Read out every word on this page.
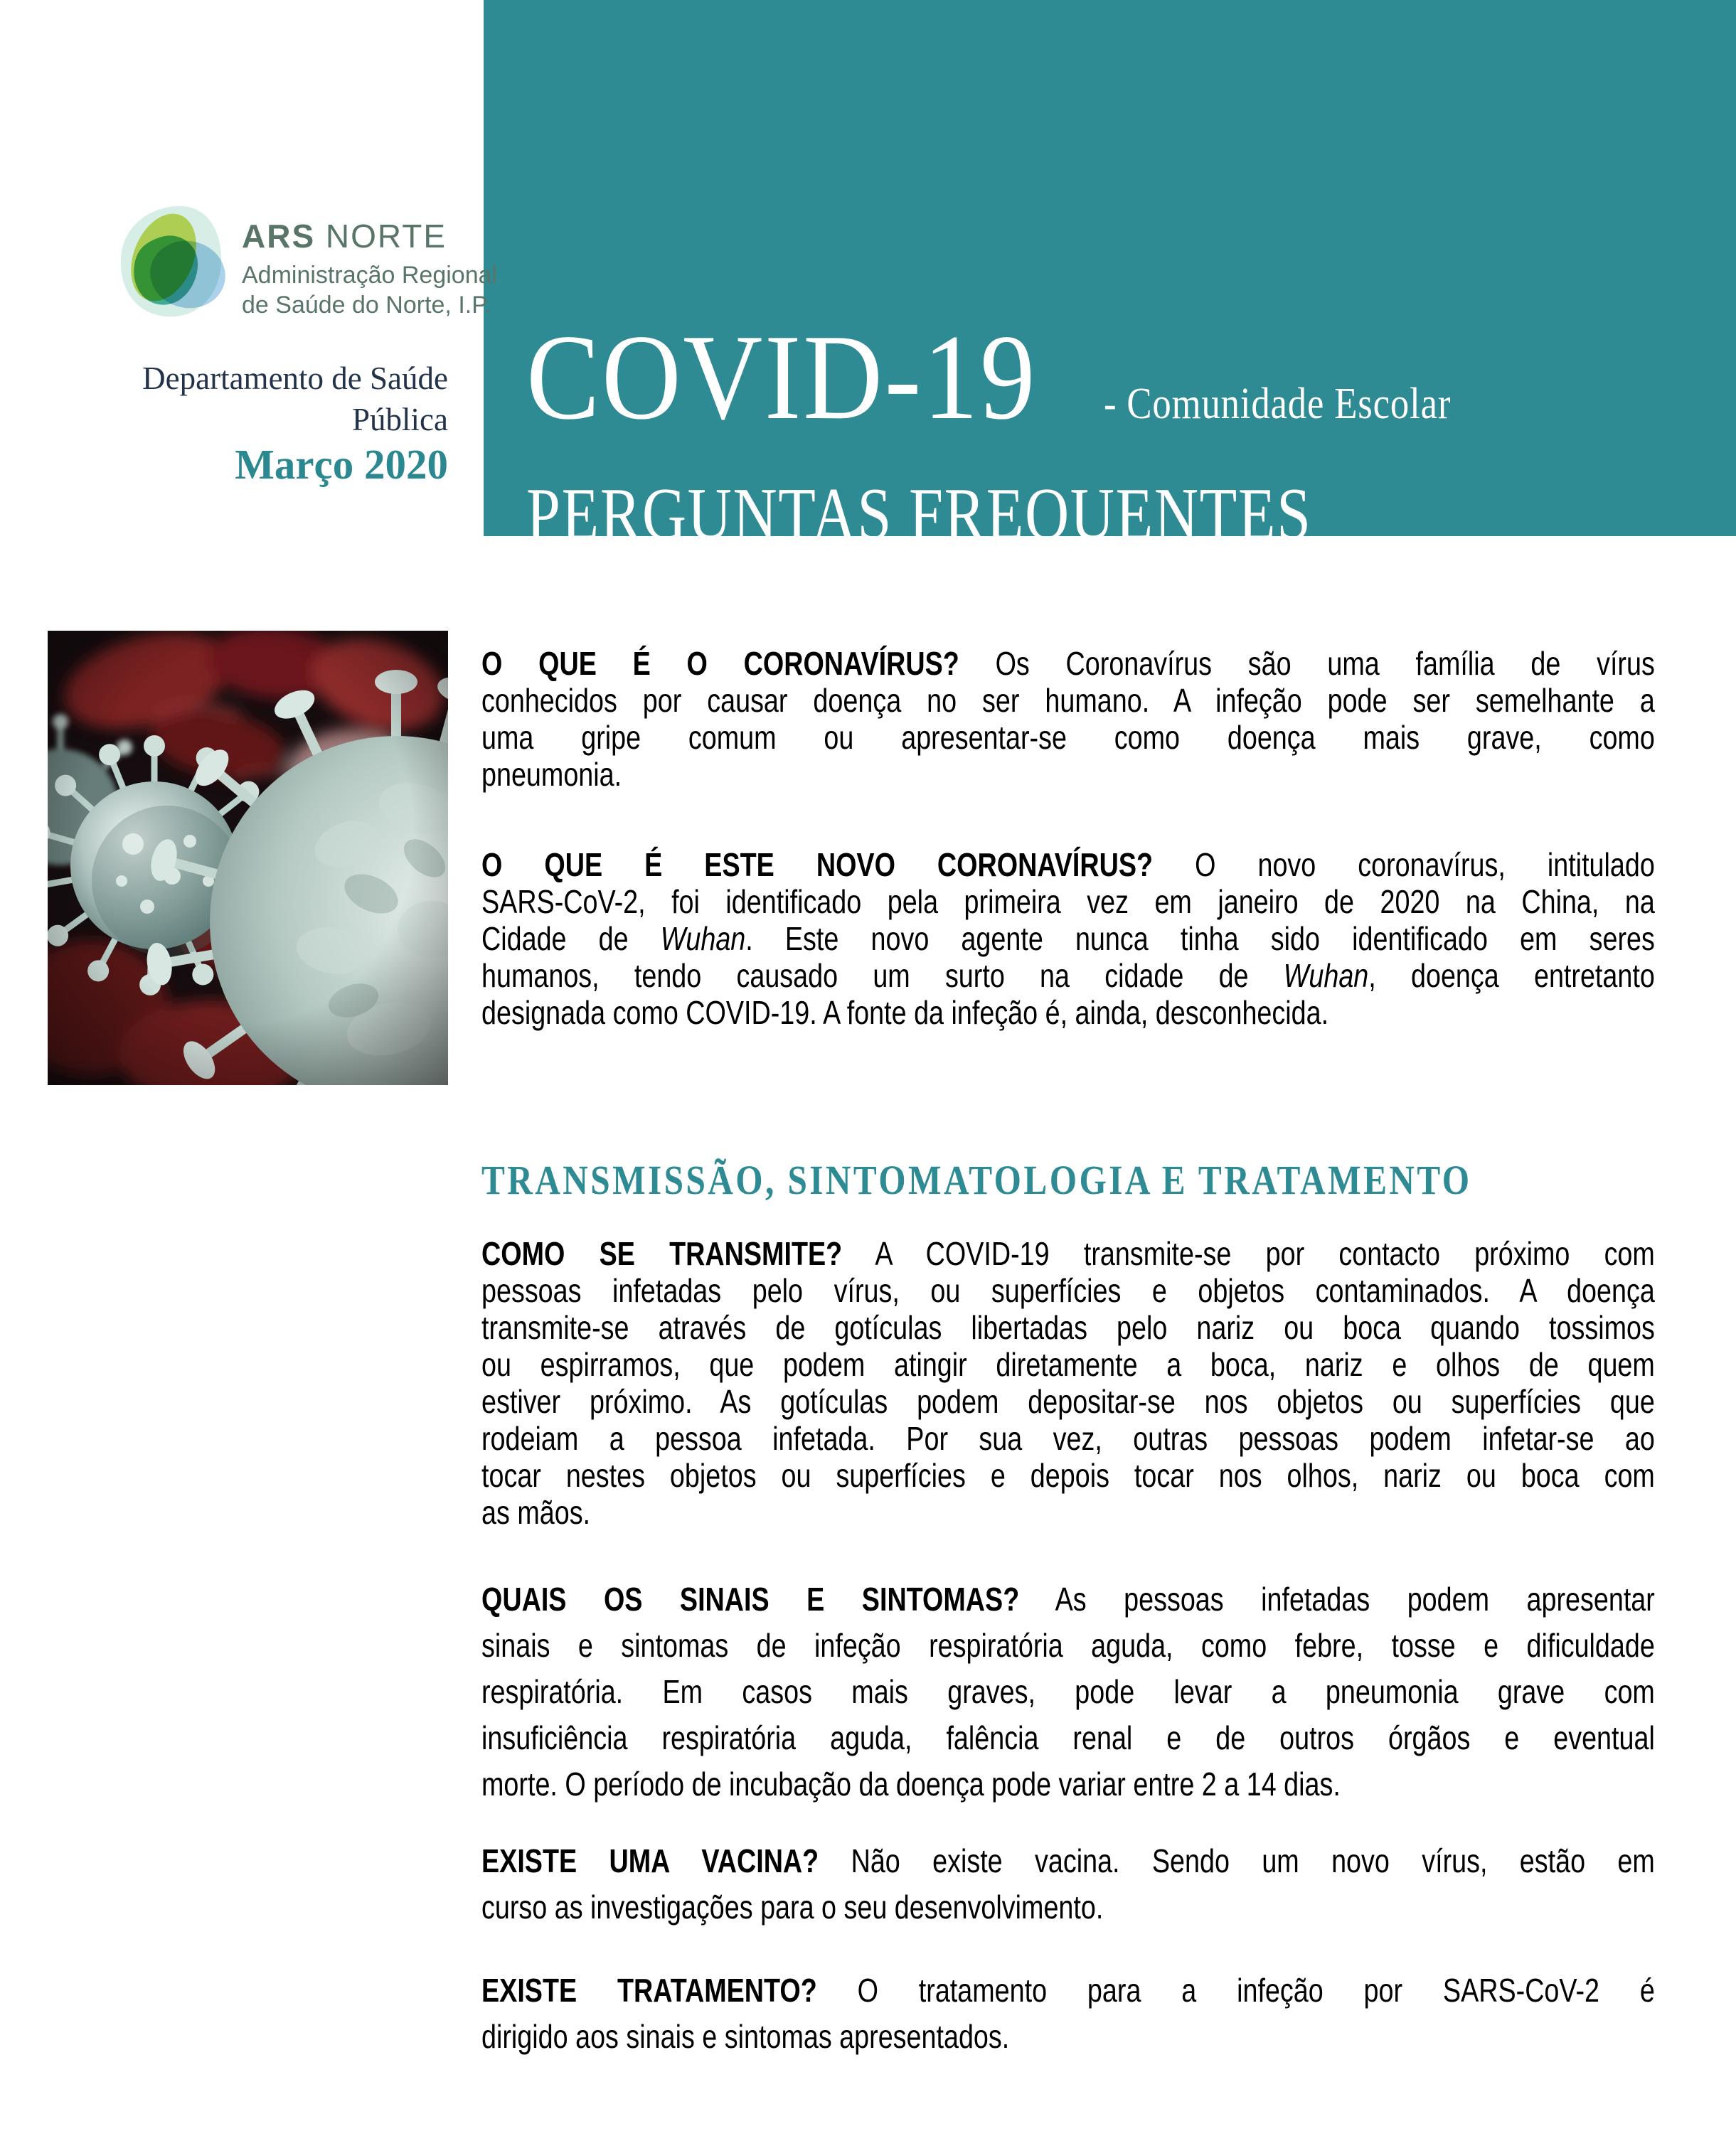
COVID-19 - Comunidade Escolar
PERGUNTAS FREQUENTES
ARS NORTE
Administração Regional
de Saúde do Norte, I.P.
Departamento de Saúde
Pública
Março 2020
TRANSMISSÃO, SINTOMATOLOGIA E TRATAMENTO
O QUE É O CORONAVÍRUS? Os Coronavírus são uma família de vírus
conhecidos por causar doença no ser humano. A infeção pode ser semelhante a
uma gripe comum ou apresentar-se como doença mais grave, como
pneumonia.
O QUE É ESTE NOVO CORONAVÍRUS? O novo coronavírus, intitulado
SARS-CoV-2, foi identificado pela primeira vez em janeiro de 2020 na China, na
Cidade de Wuhan. Este novo agente nunca tinha sido identificado em seres
humanos, tendo causado um surto na cidade de Wuhan, doença entretanto
designada como COVID-19. A fonte da infeção é, ainda, desconhecida.
COMO SE TRANSMITE? A COVID-19 transmite-se por contacto próximo com
pessoas infetadas pelo vírus, ou superfícies e objetos contaminados. A doença
transmite-se através de gotículas libertadas pelo nariz ou boca quando tossimos
ou espirramos, que podem atingir diretamente a boca, nariz e olhos de quem
estiver próximo. As gotículas podem depositar-se nos objetos ou superfícies que
rodeiam a pessoa infetada. Por sua vez, outras pessoas podem infetar-se ao
tocar nestes objetos ou superfícies e depois tocar nos olhos, nariz ou boca com
as mãos.
QUAIS OS SINAIS E SINTOMAS? As pessoas infetadas podem apresentar
sinais e sintomas de infeção respiratória aguda, como febre, tosse e dificuldade
respiratória. Em casos mais graves, pode levar a pneumonia grave com
insuficiência respiratória aguda, falência renal e de outros órgãos e eventual
morte. O período de incubação da doença pode variar entre 2 a 14 dias.
EXISTE UMA VACINA? Não existe vacina. Sendo um novo vírus, estão em
curso as investigações para o seu desenvolvimento.
EXISTE TRATAMENTO? O tratamento para a infeção por SARS-CoV-2 é
dirigido aos sinais e sintomas apresentados.
